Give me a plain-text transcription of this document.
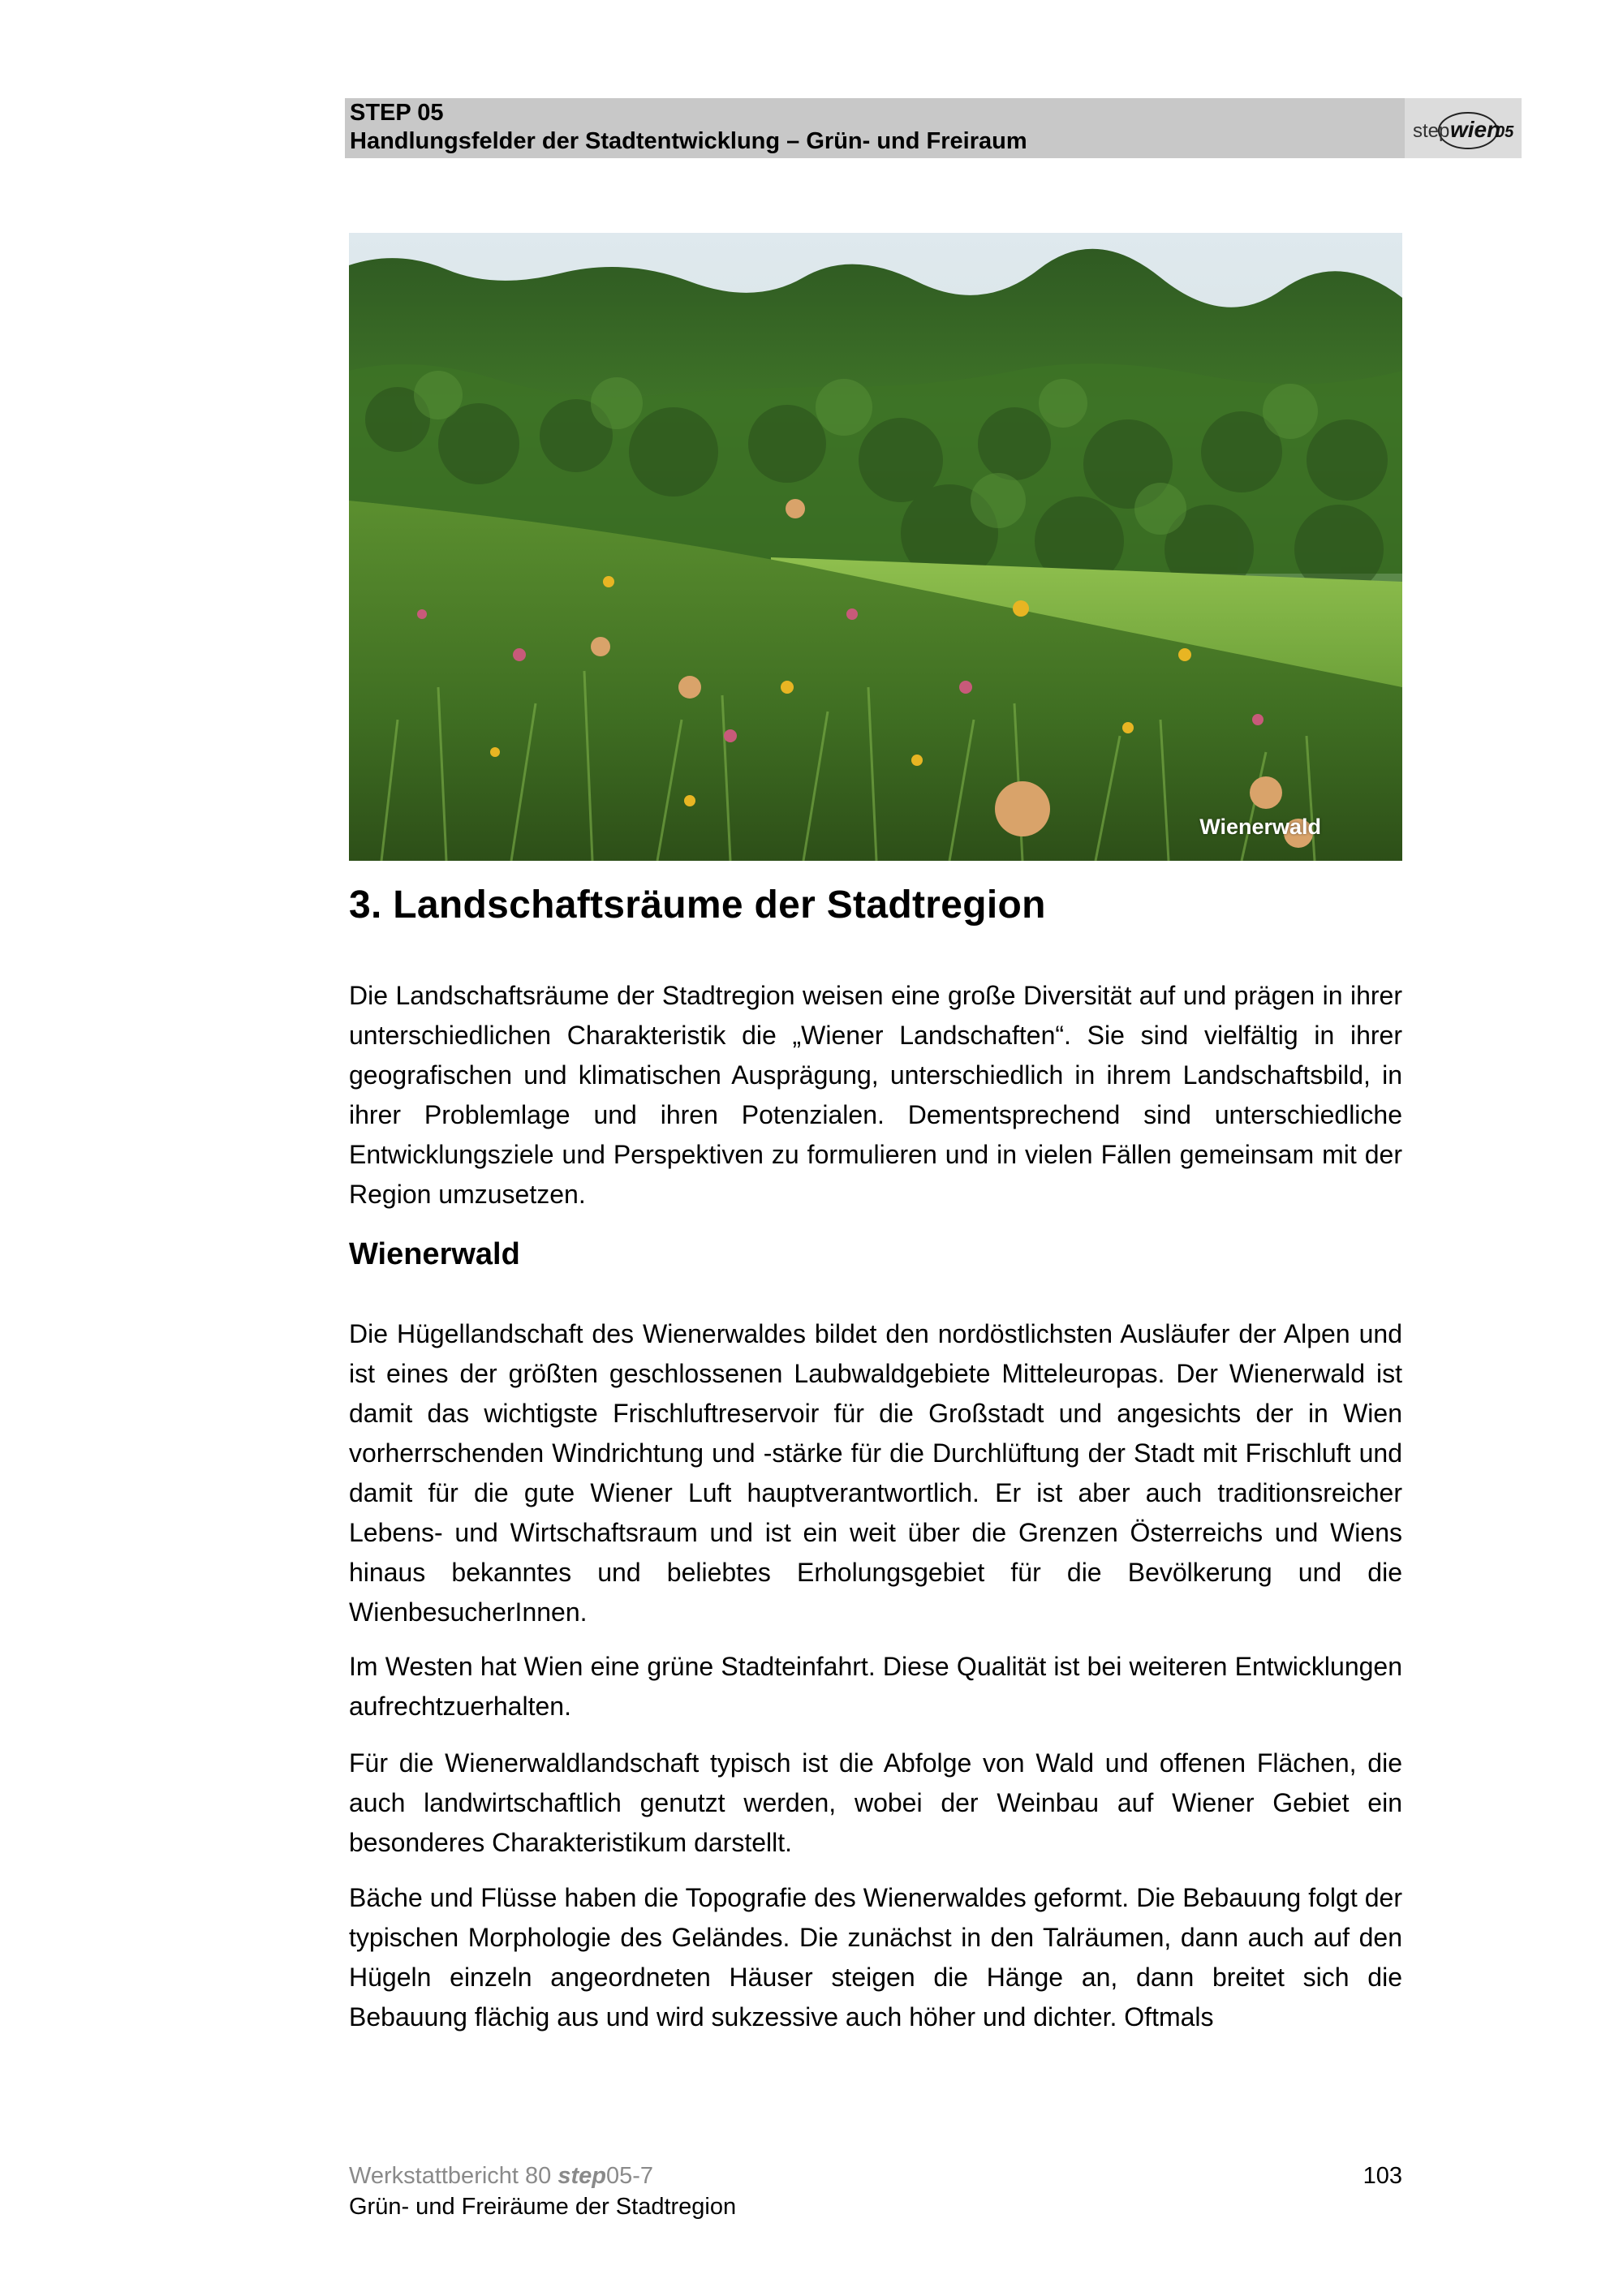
STEP 05
Handlungsfelder der Stadtentwicklung – Grün- und Freiraum	step wien
05
Wienerwald
3. Landschaftsräume der Stadtregion

Die Landschaftsräume der Stadtregion weisen eine große Diversität auf und prägen in ihrer unterschiedlichen Charakteristik die „Wiener Landschaften“. Sie sind vielfältig in ihrer geografischen und klimatischen Ausprägung, unterschiedlich in ihrem Landschaftsbild, in ihrer Problemlage und ihren Potenzialen. Dementsprechend sind unterschiedliche Entwicklungsziele und Perspektiven zu formulieren und in vielen Fällen gemeinsam mit der Region umzusetzen.

Wienerwald

Die Hügellandschaft des Wienerwaldes bildet den nordöstlichsten Ausläufer der Alpen und ist eines der größten geschlossenen Laubwaldgebiete Mitteleuropas. Der Wienerwald ist damit das wichtigste Frischluftreservoir für die Großstadt und angesichts der in Wien vorherrschenden Windrichtung und -stärke für die Durchlüftung der Stadt mit Frischluft und damit für die gute Wiener Luft hauptverantwortlich. Er ist aber auch traditionsreicher Lebens- und Wirtschaftsraum und ist ein weit über die Grenzen Österreichs und Wiens hinaus bekanntes und beliebtes Erholungsgebiet für die Bevölkerung und die WienbesucherInnen.

Im Westen hat Wien eine grüne Stadteinfahrt. Diese Qualität ist bei weiteren Entwicklungen aufrechtzuerhalten.

Für die Wienerwaldlandschaft typisch ist die Abfolge von Wald und offenen Flächen, die auch landwirtschaftlich genutzt werden, wobei der Weinbau auf Wiener Gebiet ein besonderes Charakteristikum darstellt.

Bäche und Flüsse haben die Topografie des Wienerwaldes geformt. Die Bebauung folgt der typischen Morphologie des Geländes. Die zunächst in den Talräumen, dann auch auf den Hügeln einzeln angeordneten Häuser steigen die Hänge an, dann breitet sich die Bebauung flächig aus und wird sukzessive auch höher und dichter. Oftmals

Werkstattbericht 80 step05-7
Grün- und Freiräume der Stadtregion
103
